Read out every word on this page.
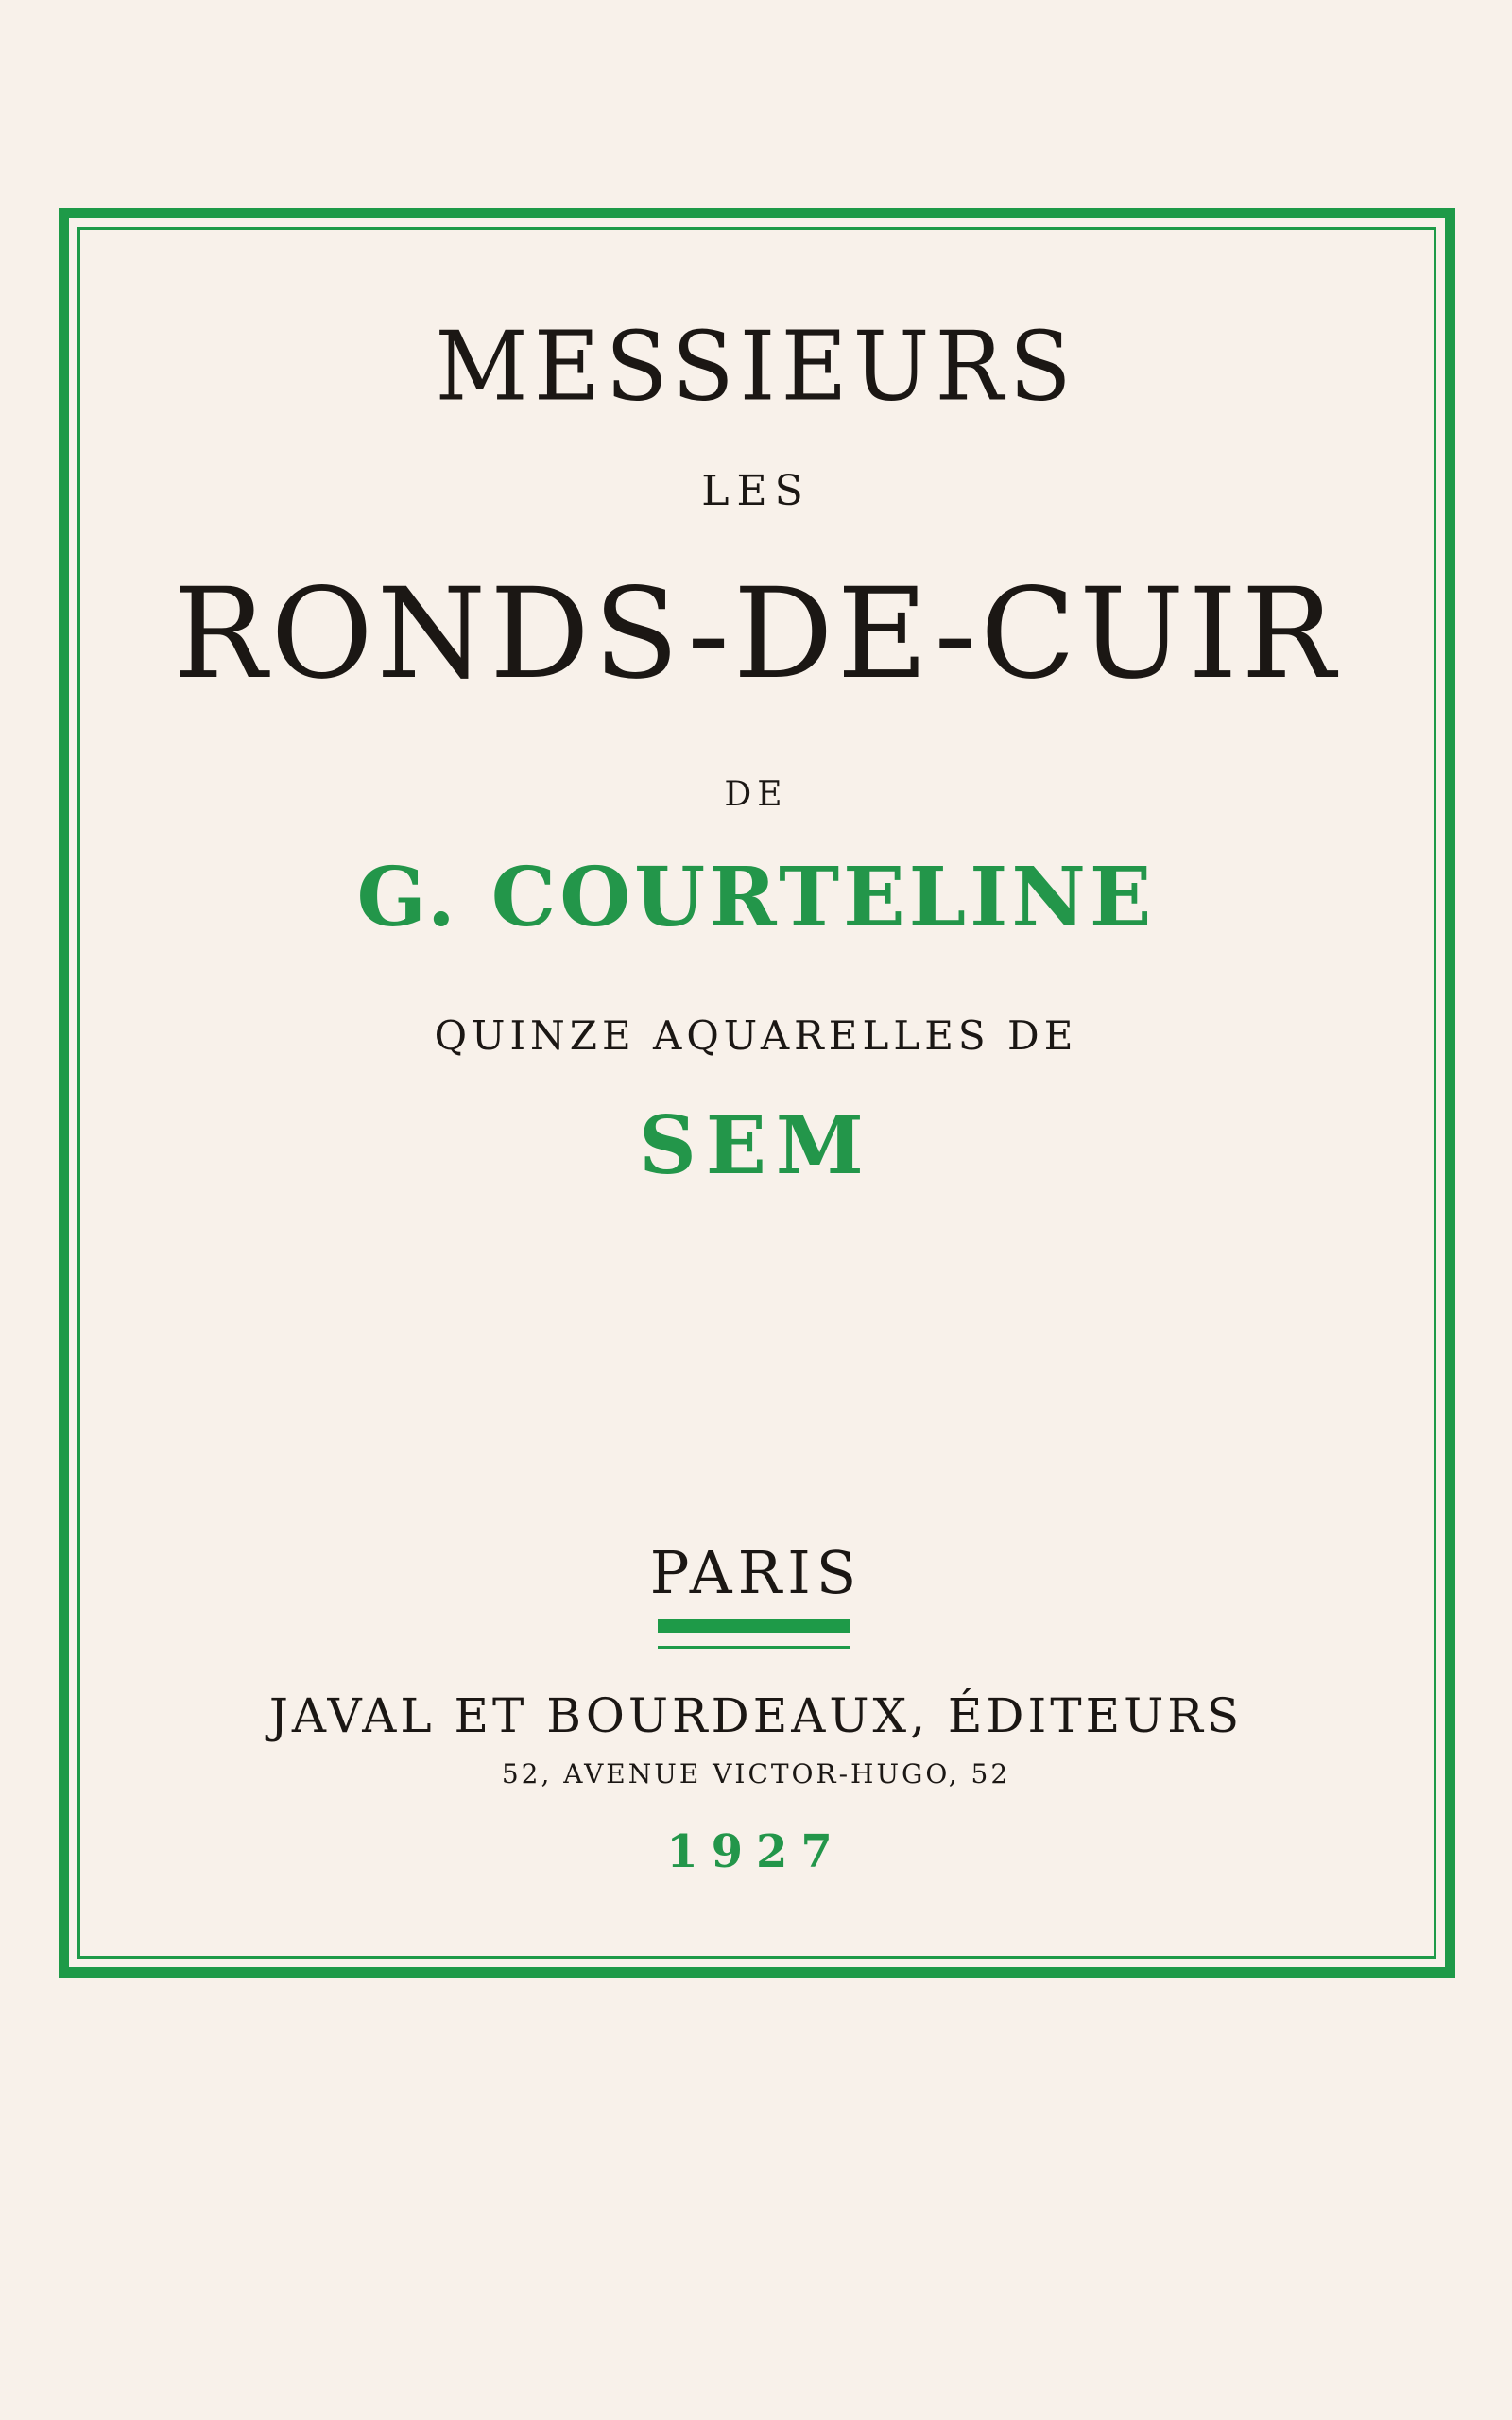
MESSIEURS

LES

RONDS-DE-CUIR

DE

G. COURTELINE

QUINZE AQUARELLES DE

SEM

PARIS

JAVAL ET BOURDEAUX, ÉDITEURS

52, AVENUE VICTOR-HUGO, 52

1927
